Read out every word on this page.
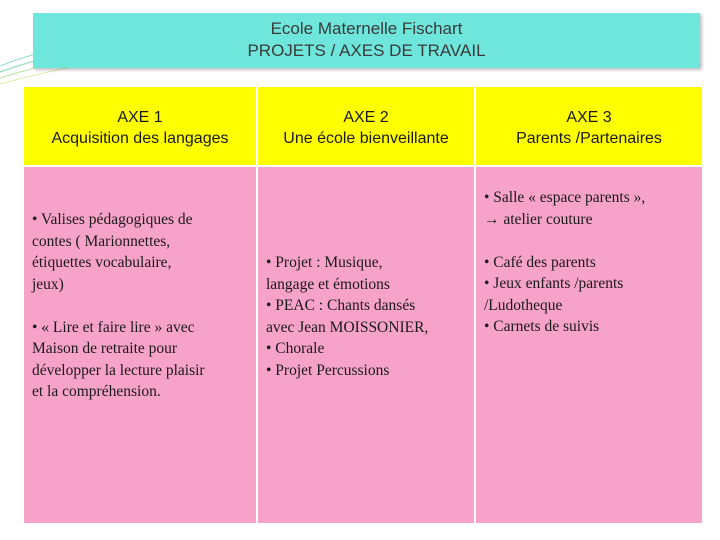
Ecole Maternelle Fischart
PROJETS / AXES DE TRAVAIL
AXE 1
Acquisition des langages
AXE 2
Une école bienveillante
AXE 3
Parents /Partenaires
• Valises pédagogiques de
contes ( Marionnettes,
étiquettes vocabulaire,
jeux)
• « Lire et faire lire » avec
Maison de retraite pour
développer la lecture plaisir
et la compréhension.
• Projet : Musique,
langage et émotions
• PEAC : Chants dansés
avec Jean MOISSONIER,
• Chorale
• Projet Percussions
• Salle « espace parents »,
→ atelier couture
• Café des parents
• Jeux enfants /parents
/Ludotheque
• Carnets de suivis
